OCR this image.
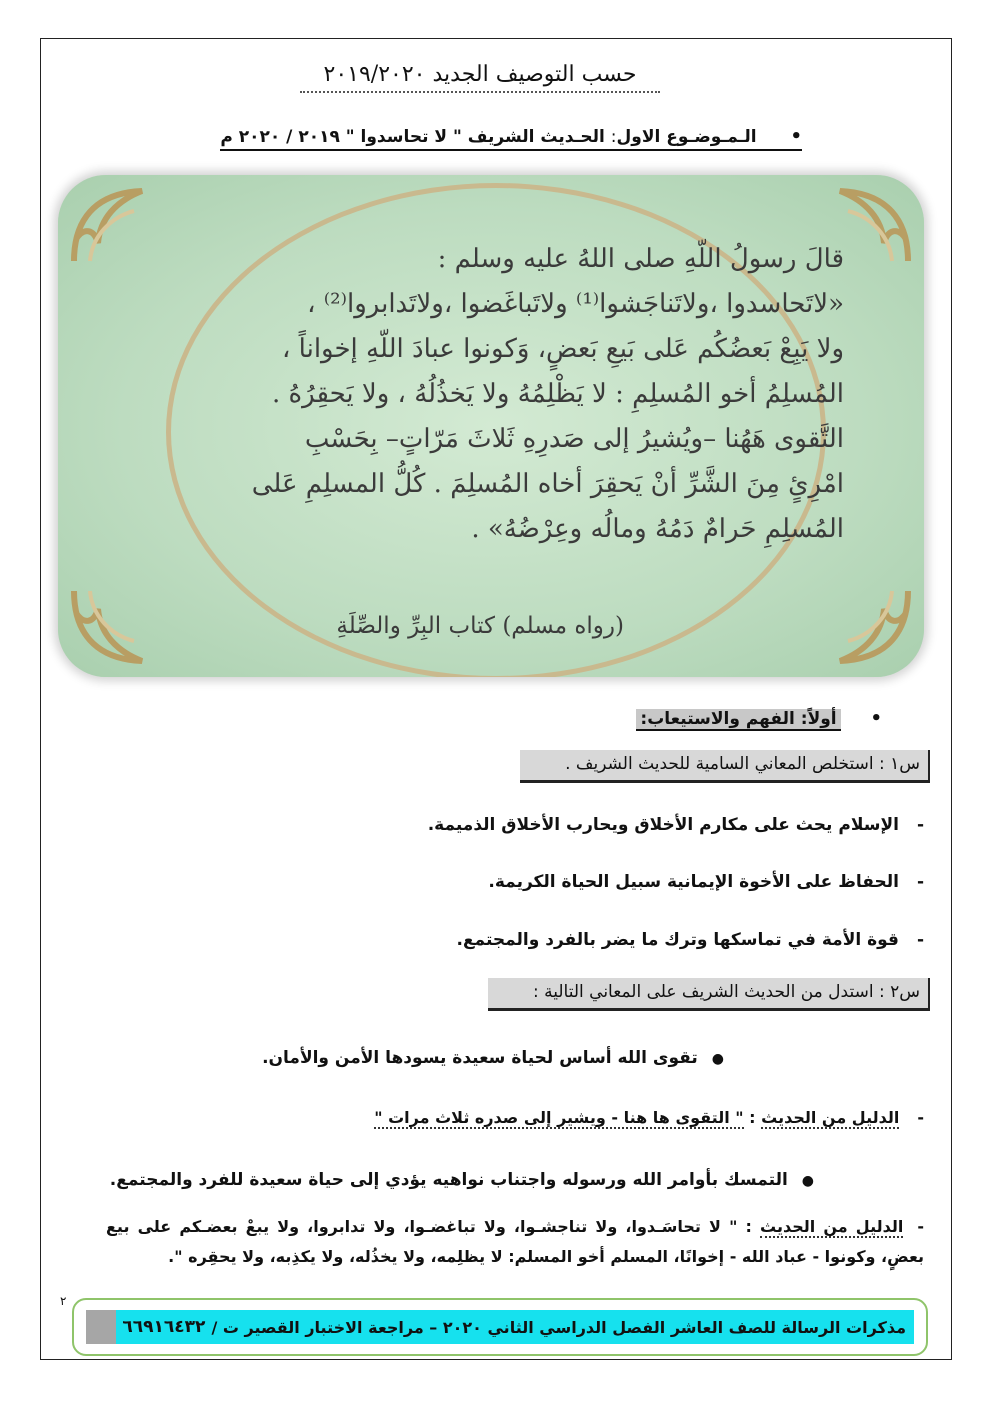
حسب التوصيف الجديد ٢٠١٩/٢٠٢٠
•  الـمـوضـوع الاول: الحـديث الشريف " لا تحاسدوا " ٢٠١٩ / ٢٠٢٠ م
قالَ رسولُ اللّهِ صلى اللهُ عليه وسلم :
«لاتَحاسدوا ،ولاتَناجَشوا⁽¹⁾ ولاتَباغَضوا ،ولاتَدابروا⁽²⁾ ،
ولا يَبِعْ بَعضُكُم عَلى بَيعِ بَعضٍ، وَكونوا عبادَ اللّهِ إخواناً ،
المُسلِمُ أخو المُسلِمِ : لا يَظْلِمُهُ ولا يَخذُلُهُ ، ولا يَحقِرُهُ .
التَّقوى هَهُنا –ويُشيرُ إلى صَدرِهِ ثَلاثَ مَرّاتٍ– بِحَسْبِ
امْرِئٍ مِنَ الشَّرِّ أنْ يَحقِرَ أخاه المُسلِمَ . كُلُّ المسلِمِ عَلى
المُسلِمِ حَرامٌ دَمُهُ ومالُه وعِرْضُهُ» .
(رواه مسلم) كتاب البِرِّ والصِّلَةِ
•  أولاً: الفهم والاستيعاب:
س١ : استخلص المعاني السامية للحديث الشريف .
-الإسلام يحث على مكارم الأخلاق ويحارب الأخلاق الذميمة.
-الحفاظ على الأخوة الإيمانية سبيل الحياة الكريمة.
-قوة الأمة في تماسكها وترك ما يضر بالفرد والمجتمع.
س٢ : استدل من الحديث الشريف على المعاني التالية :
●تقوى الله أساس لحياة سعيدة يسودها الأمن والأمان.
-الدليل من الحديث : " التقوى ها هنا - ويشير إلى صدره ثلاث مرات "
●التمسك بأوامر الله ورسوله واجتناب نواهيه يؤدي إلى حياة سعيدة للفرد والمجتمع.
-الدليل من الحديث : " لا تحاسَـدوا، ولا تناجشـوا، ولا تباغضـوا، ولا تدابروا، ولا يبعْ بعضـكم على بيع بعضٍ، وكونوا - عباد الله - إخوانًا، المسلم أخو المسلم: لا يظلِمه، ولا يخذُله، ولا يكذِبه، ولا يحقِره ".
٢
٦٦٩١٦٤٣٢ مذكرات الرسالة للصف العاشر الفصل الدراسي الثاني ٢٠٢٠ – مراجعة الاختبار القصير ت /
